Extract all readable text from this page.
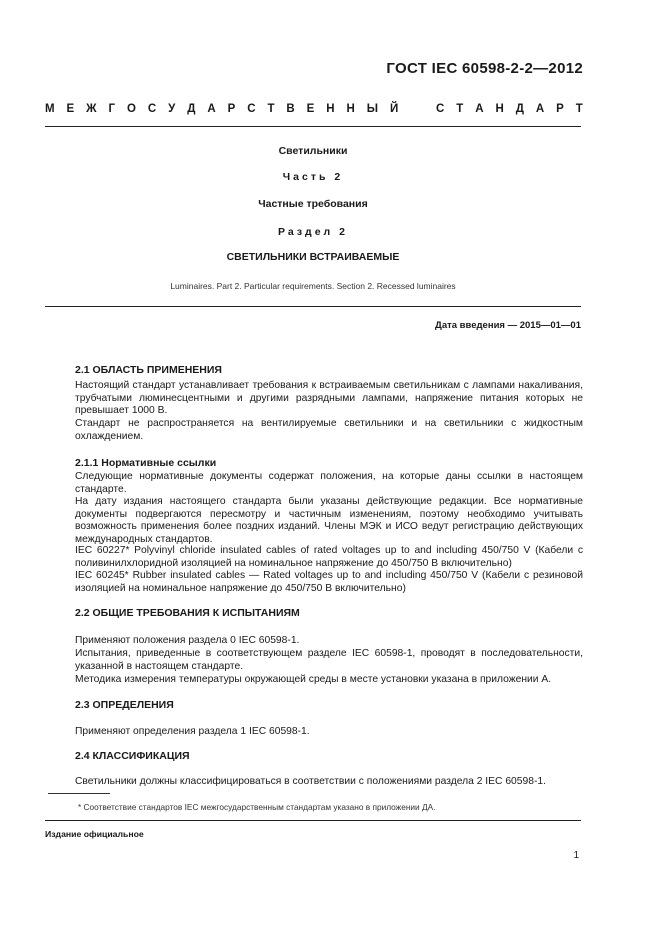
ГОСТ IEC 60598-2-2—2012
М Е Ж Г О С У Д А Р С Т В Е Н Н Ы Й	С Т А Н Д А Р Т
Светильники
Часть 2
Частные требования
Раздел 2
СВЕТИЛЬНИКИ ВСТРАИВАЕМЫЕ
Luminaires. Part 2. Particular requirements. Section 2. Recessed luminaires
Дата введения — 2015—01—01
2.1 ОБЛАСТЬ ПРИМЕНЕНИЯ
Настоящий стандарт устанавливает требования к встраиваемым светильникам с лампами накаливания, трубчатыми люминесцентными и другими разрядными лампами, напряжение питания которых не превышает 1000 В.
Стандарт не распространяется на вентилируемые светильники и на светильники с жидкостным охлаждением.
2.1.1 Нормативные ссылки
Следующие нормативные документы содержат положения, на которые даны ссылки в настоящем стандарте.
На дату издания настоящего стандарта были указаны действующие редакции. Все нормативные документы подвергаются пересмотру и частичным изменениям, поэтому необходимо учитывать возможность применения более поздних изданий. Члены МЭК и ИСО ведут регистрацию действующих международных стандартов.
IEC 60227* Polyvinyl chloride insulated cables of rated voltages up to and including 450/750 V (Кабели с поливинилхлоридной изоляцией на номинальное напряжение до 450/750 В включительно)
IEC 60245* Rubber insulated cables — Rated voltages up to and including 450/750 V (Кабели с резиновой изоляцией на номинальное напряжение до 450/750 В включительно)
2.2 ОБЩИЕ ТРЕБОВАНИЯ К ИСПЫТАНИЯМ
Применяют положения раздела 0 IEC 60598-1.
Испытания, приведенные в соответствующем разделе IEC 60598-1, проводят в последовательности, указанной в настоящем стандарте.
Методика измерения температуры окружающей среды в месте установки указана в приложении А.
2.3 ОПРЕДЕЛЕНИЯ
Применяют определения раздела 1 IEC 60598-1.
2.4 КЛАССИФИКАЦИЯ
Светильники должны классифицироваться в соответствии с положениями раздела 2 IEC 60598-1.
* Соответствие стандартов IEC межгосударственным стандартам указано в приложении ДА.
Издание официальное
1
